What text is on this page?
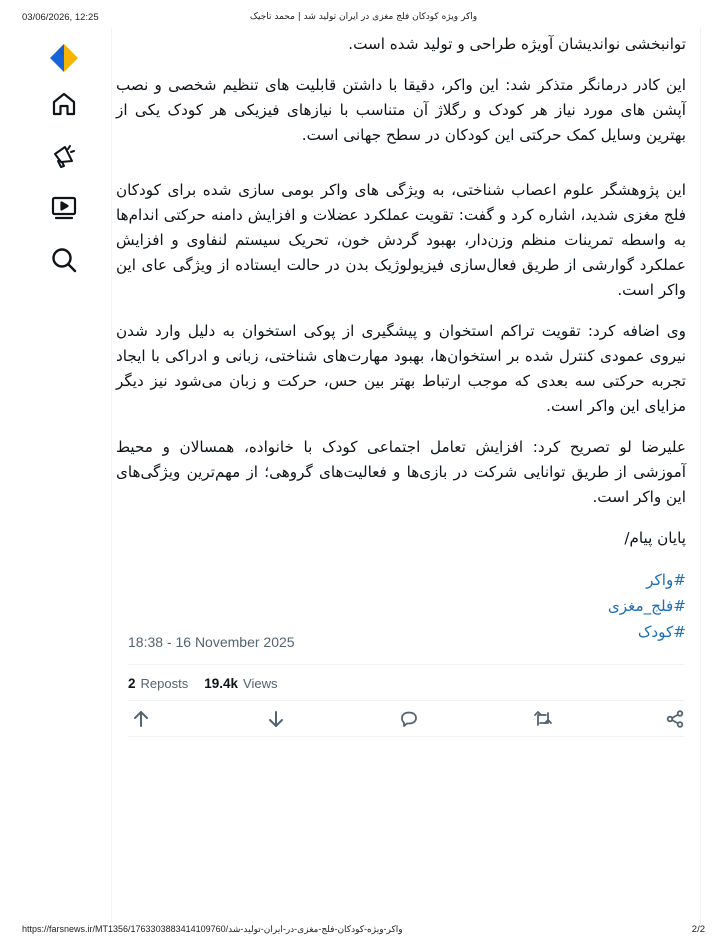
03/06/2026, 12:25	واکر ویژه کودکان فلج مغزی در ایران تولید شد | محمد تاجیک

توانبخشی نواندیشان آویژه طراحی و تولید شده است.

این کادر درمانگر متذکر شد: این واکر، دقیقا با داشتن قابلیت های تنظیم شخصی و نصب آپشن های مورد نیاز هر کودک و رگلاژ آن متناسب با نیازهای فیزیکی هر کودک یکی از بهترین وسایل کمک حرکتی این کودکان در سطح جهانی است.

این پژوهشگر علوم اعصاب شناختی، به ویژگی های واکر بومی سازی شده برای کودکان فلج مغزی شدید، اشاره کرد و گفت: تقویت عملکرد عضلات و افزایش دامنه حرکتی اندام‌ها به واسطه تمرینات منظم وزن‌دار، بهبود گردش خون، تحریک سیستم لنفاوی و افزایش عملکرد گوارشی از طریق فعال‌سازی فیزیولوژیک بدن در حالت ایستاده از ویژگی عای این واکر است.

وی اضافه کرد: تقویت تراکم استخوان و پیشگیری از پوکی استخوان به دلیل وارد شدن نیروی عمودی کنترل شده بر استخوان‌ها، بهبود مهارت‌های شناختی، زبانی و ادراکی با ایجاد تجربه حرکتی سه بعدی که موجب ارتباط بهتر بین حس، حرکت و زبان می‌شود نیز دیگر مزایای این واکر است.

علیرضا لو تصریح کرد: افزایش تعامل اجتماعی کودک با خانواده، همسالان و محیط آموزشی از طریق توانایی شرکت در بازی‌ها و فعالیت‌های گروهی؛ از مهم‌ترین ویژگی‌های این واکر است.

پایان پیام/

#واکر
#فلج_مغزی
#کودک
18:38 - 16 November 2025
2 Reposts 19.4k Views
https://farsnews.ir/MT1356/1763303883414109760/واکر-ویژه-کودکان-فلج-مغزی-در-ایران-تولید-شد	2/2
